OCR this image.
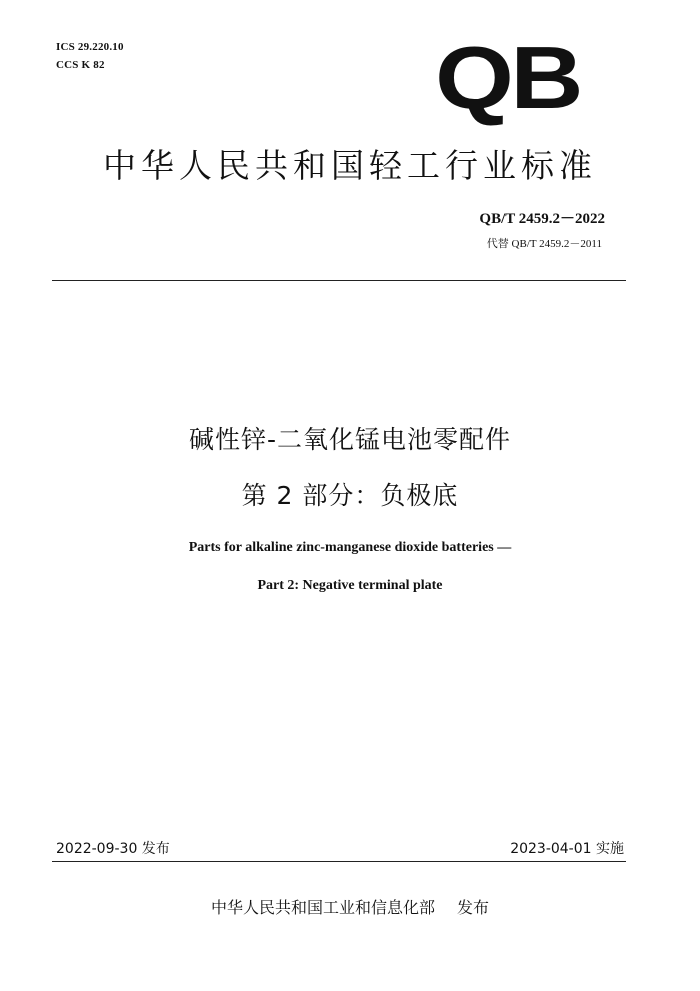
ICS 29.220.10
CCS K 82	QB
中华人民共和国轻工行业标准
QB/T 2459.2－2022
代替 QB/T 2459.2－2011
碱性锌-二氧化锰电池零配件
第 2 部分：负极底
Parts for alkaline zinc-manganese dioxide batteries —
Part 2: Negative terminal plate
2022-09-30 发布	2023-04-01 实施
中华人民共和国工业和信息化部 发布
